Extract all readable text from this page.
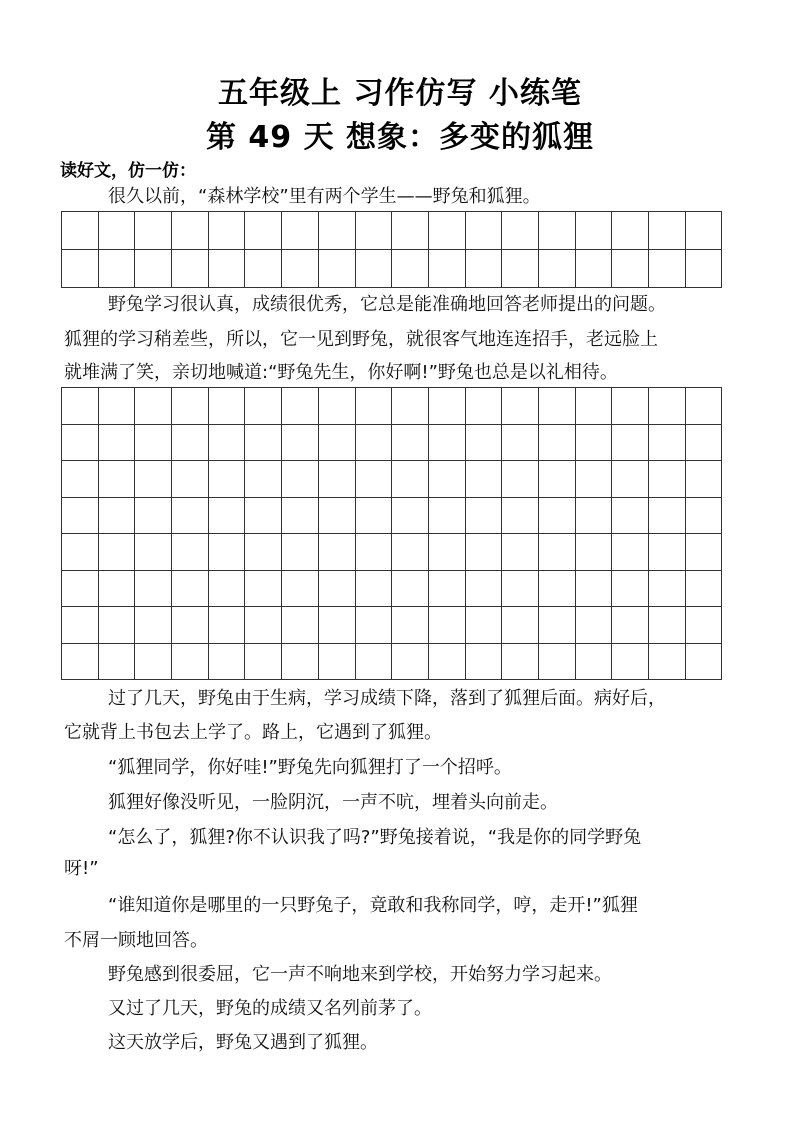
五年级上 习作仿写 小练笔
第 49 天 想象：多变的狐狸
读好文，仿一仿：
很久以前，“森林学校”里有两个学生——野兔和狐狸。

野兔学习很认真，成绩很优秀，它总是能准确地回答老师提出的问题。
狐狸的学习稍差些，所以，它一见到野兔，就很客气地连连招手，老远脸上
就堆满了笑，亲切地喊道:“野兔先生，你好啊!”野兔也总是以礼相待。

过了几天，野兔由于生病，学习成绩下降，落到了狐狸后面。病好后，
它就背上书包去上学了。路上，它遇到了狐狸。
“狐狸同学，你好哇!”野兔先向狐狸打了一个招呼。
狐狸好像没听见，一脸阴沉，一声不吭，埋着头向前走。
“怎么了，狐狸?你不认识我了吗?”野兔接着说，“我是你的同学野兔
呀!”
“谁知道你是哪里的一只野兔子，竟敢和我称同学，哼，走开!”狐狸
不屑一顾地回答。
野兔感到很委屈，它一声不响地来到学校，开始努力学习起来。
又过了几天，野兔的成绩又名列前茅了。
这天放学后，野兔又遇到了狐狸。
